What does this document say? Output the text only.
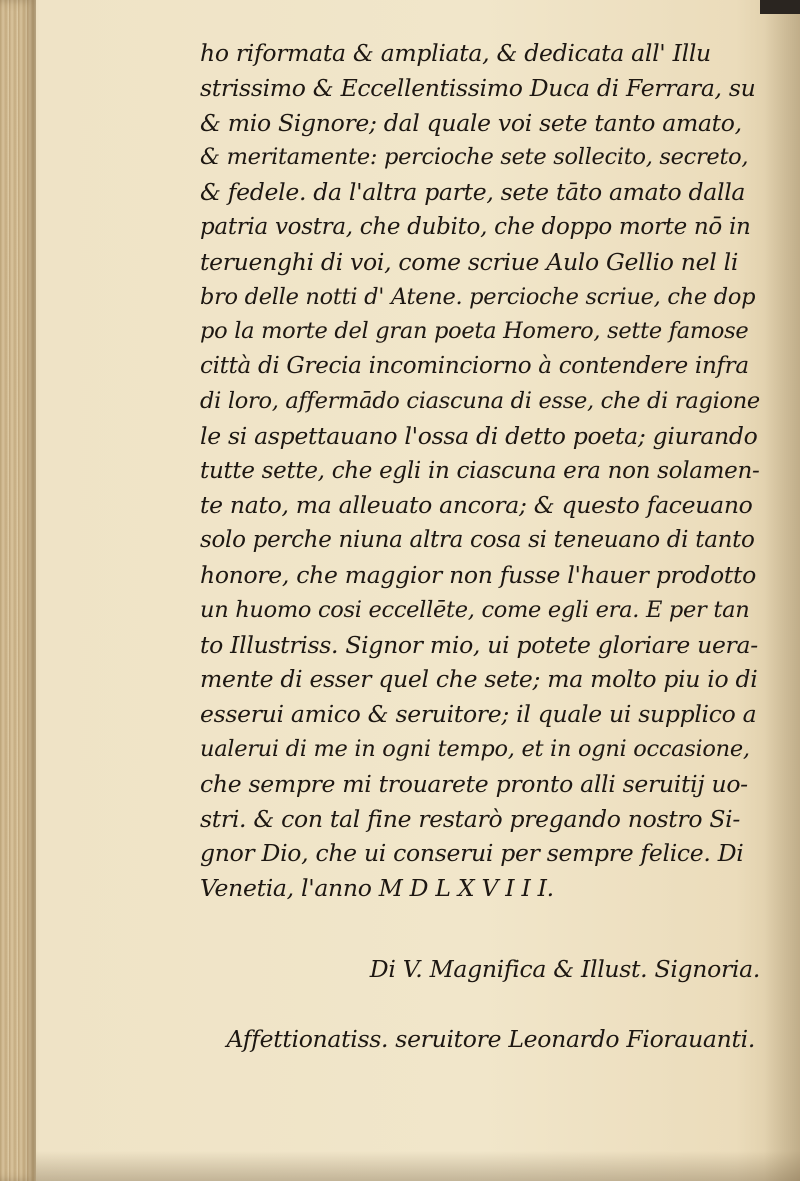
ho riformata & ampliata, & dedicata all' Illu
strissimo & Eccellentissimo Duca di Ferrara, su
& mio Signore; dal quale voi sete tanto amato,
& meritamente: percioche sete sollecito, secreto,
& fedele. da l'altra parte, sete tāto amato dalla
patria vostra, che dubito, che doppo morte nō in
teruenghi di voi, come scriue Aulo Gellio nel li
bro delle notti d' Atene. percioche scriue, che dop
po la morte del gran poeta Homero, sette famose
città di Grecia incominciorno à contendere infra
di loro, affermādo ciascuna di esse, che di ragione
le si aspettauano l'ossa di detto poeta; giurando
tutte sette, che egli in ciascuna era non solamen-
te nato, ma alleuato ancora; & questo faceuano
solo perche niuna altra cosa si teneuano di tanto
honore, che maggior non fusse l'hauer prodotto
un huomo cosi eccellēte, come egli era. E per tan
to Illustriss. Signor mio, ui potete gloriare uera-
mente di esser quel che sete; ma molto piu io di
esserui amico & seruitore; il quale ui supplico a
ualerui di me in ogni tempo, et in ogni occasione,
che sempre mi trouarete pronto alli seruitij uo-
stri. & con tal fine restarò pregando nostro Si-
gnor Dio, che ui conserui per sempre felice. Di
Venetia, l'anno M D L X V I I I.
Di V. Magnifica & Illust. Signoria.
Affettionatiss. seruitore Leonardo Fiorauanti.
